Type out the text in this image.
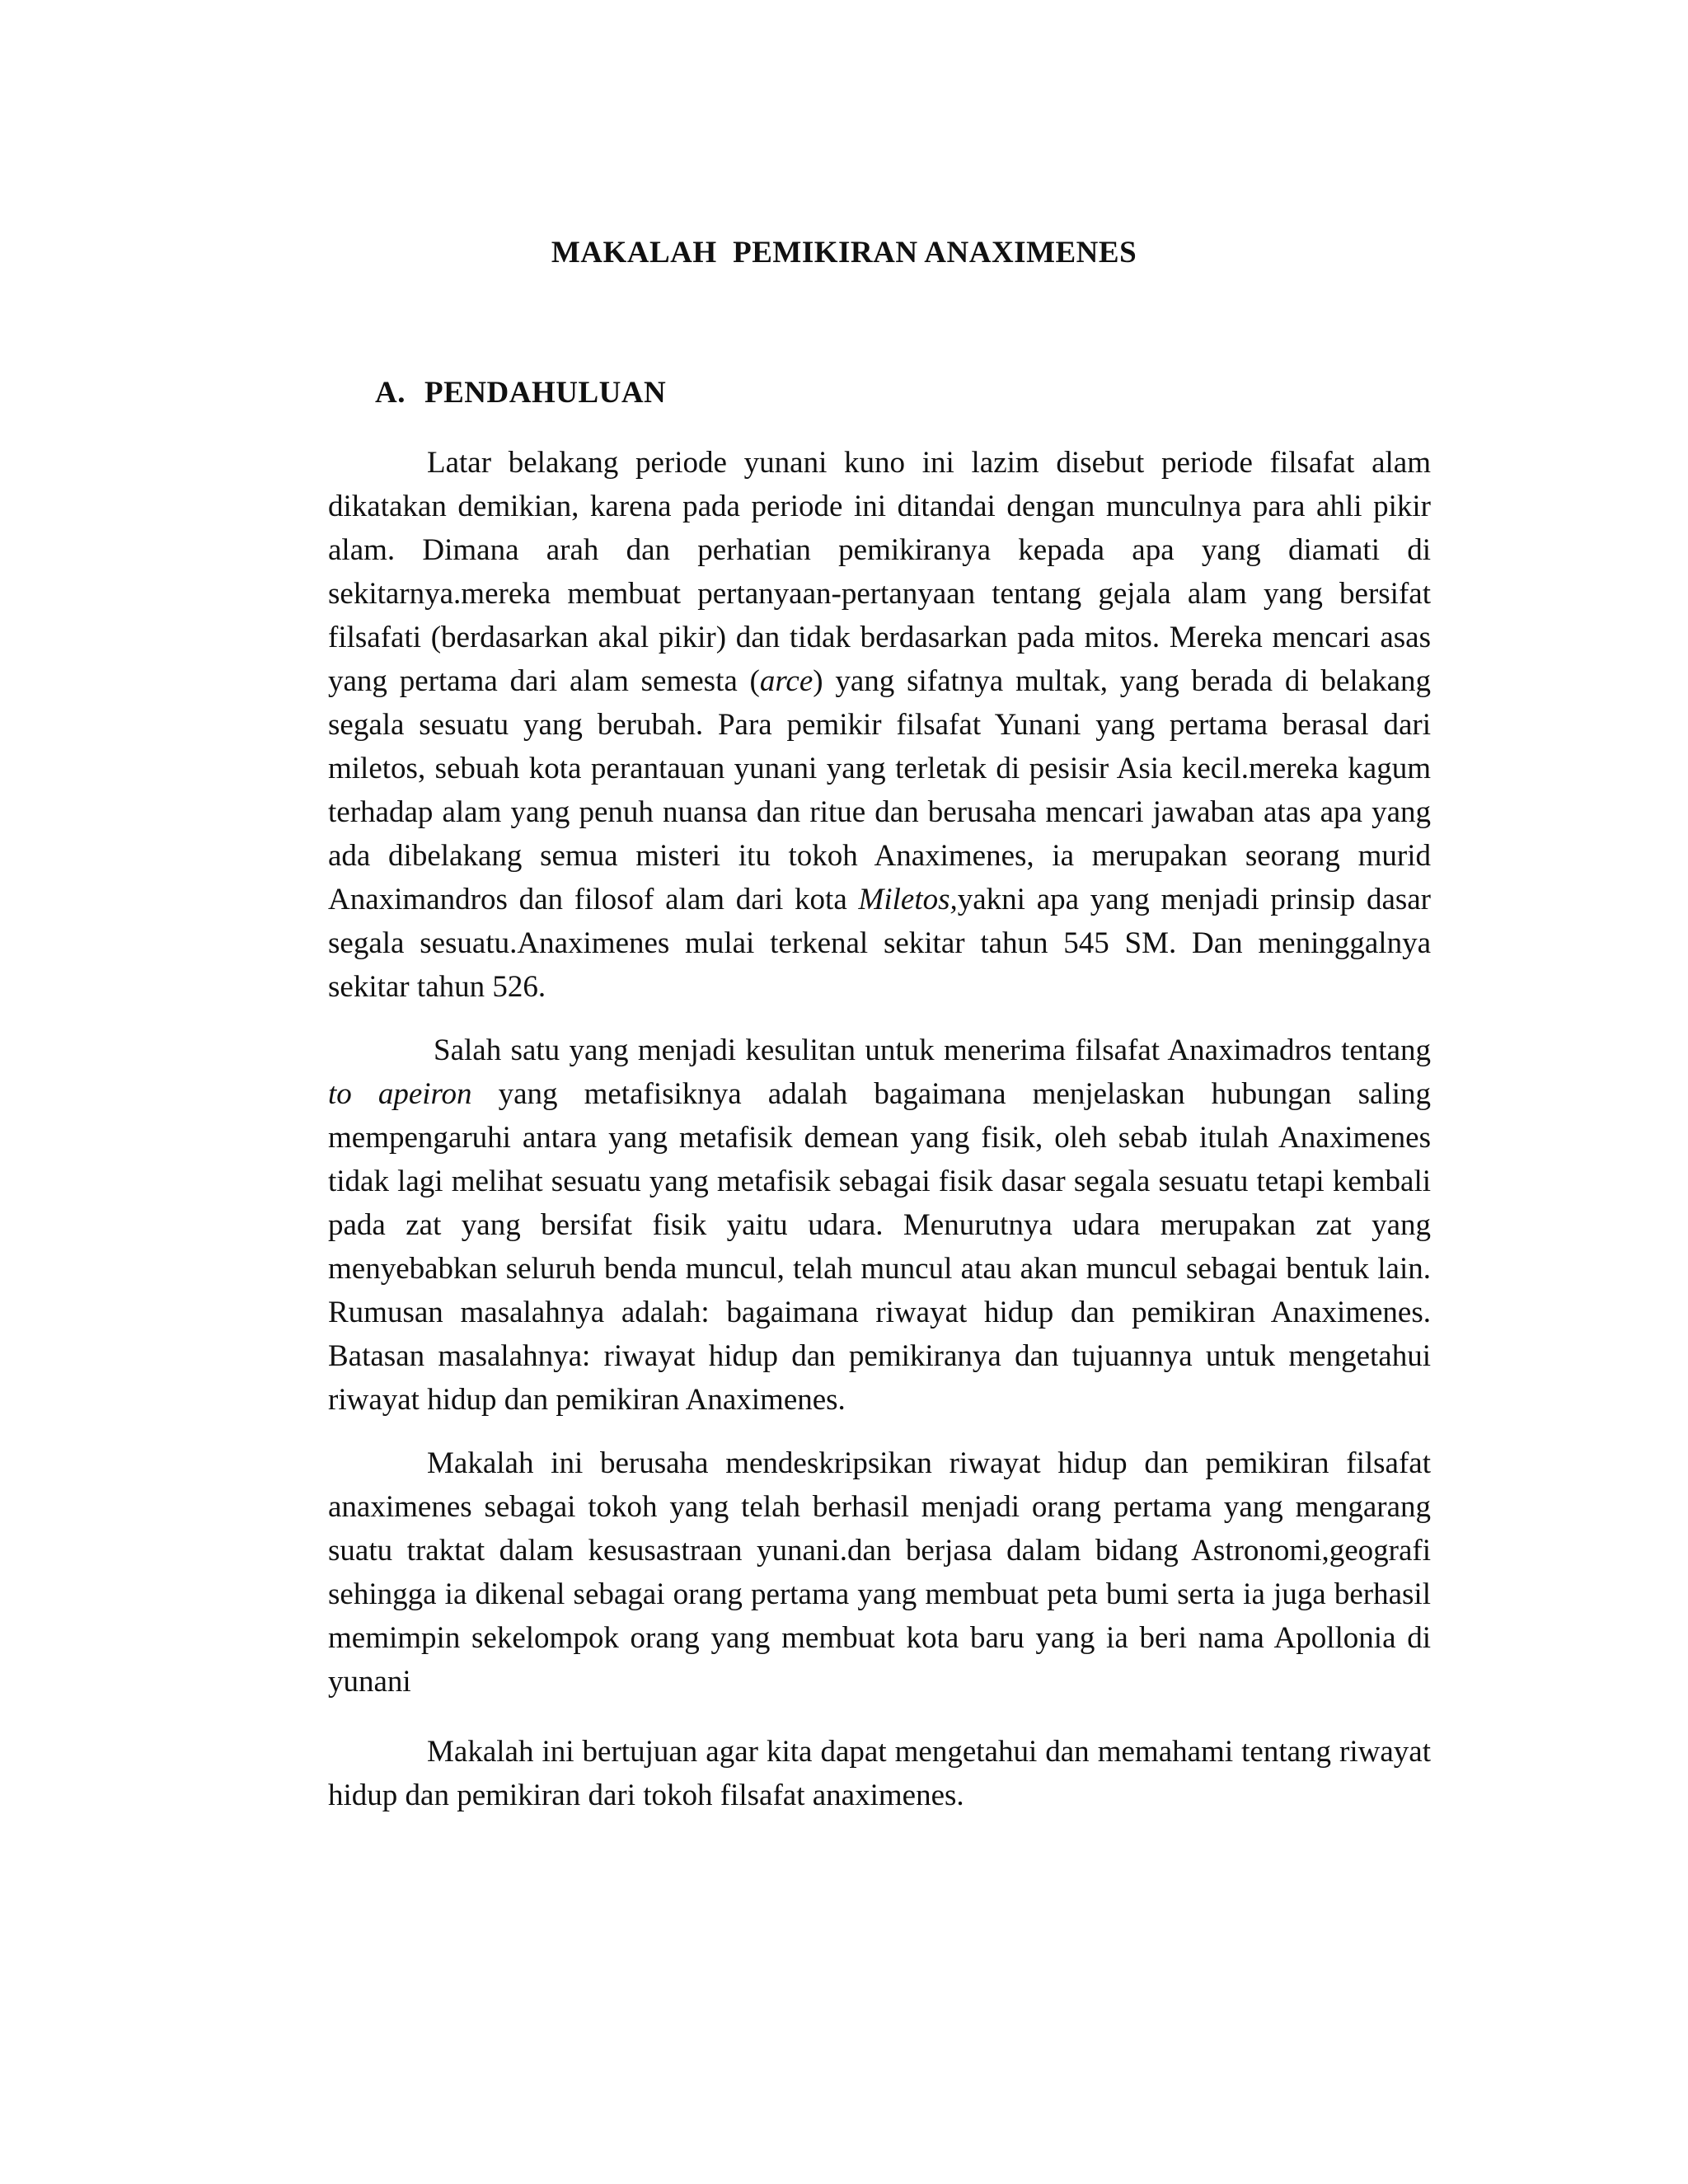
MAKALAH  PEMIKIRAN ANAXIMENES
A. PENDAHULUAN

Latar belakang periode yunani kuno ini lazim disebut periode filsafat alam dikatakan demikian, karena pada periode ini ditandai dengan munculnya para ahli pikir alam. Dimana arah dan perhatian pemikiranya kepada apa yang diamati di sekitarnya.mereka membuat pertanyaan-pertanyaan tentang gejala alam yang bersifat filsafati (berdasarkan akal pikir) dan tidak berdasarkan pada mitos. Mereka mencari asas yang pertama dari alam semesta (arce) yang sifatnya multak, yang berada di belakang segala sesuatu yang berubah. Para pemikir filsafat Yunani yang pertama berasal dari miletos, sebuah kota perantauan yunani yang terletak di pesisir Asia kecil.mereka kagum terhadap alam yang penuh nuansa dan ritue dan berusaha mencari jawaban atas apa yang ada dibelakang semua misteri itu tokoh Anaximenes, ia merupakan seorang murid Anaximandros dan filosof alam dari kota Miletos,yakni apa yang menjadi prinsip dasar segala sesuatu.Anaximenes mulai terkenal sekitar tahun 545 SM. Dan meninggalnya sekitar tahun 526.

Salah satu yang menjadi kesulitan untuk menerima filsafat Anaximadros tentang to apeiron yang metafisiknya adalah bagaimana menjelaskan hubungan saling mempengaruhi antara yang metafisik demean yang fisik, oleh sebab itulah Anaximenes tidak lagi melihat sesuatu yang metafisik sebagai fisik dasar segala sesuatu tetapi kembali pada zat yang bersifat fisik yaitu udara. Menurutnya udara merupakan zat yang menyebabkan seluruh benda muncul, telah muncul atau akan muncul sebagai bentuk lain. Rumusan masalahnya adalah: bagaimana riwayat hidup dan pemikiran Anaximenes. Batasan masalahnya: riwayat hidup dan pemikiranya dan tujuannya untuk mengetahui riwayat hidup dan pemikiran Anaximenes.

Makalah ini berusaha mendeskripsikan riwayat hidup dan pemikiran filsafat anaximenes sebagai tokoh yang telah berhasil menjadi orang pertama yang mengarang suatu traktat dalam kesusastraan yunani.dan berjasa dalam bidang Astronomi,geografi sehingga ia dikenal sebagai orang pertama yang membuat peta bumi serta ia juga berhasil memimpin sekelompok orang yang membuat kota baru yang ia beri nama Apollonia di yunani

Makalah ini bertujuan agar kita dapat mengetahui dan memahami tentang riwayat hidup dan pemikiran dari tokoh filsafat anaximenes.
